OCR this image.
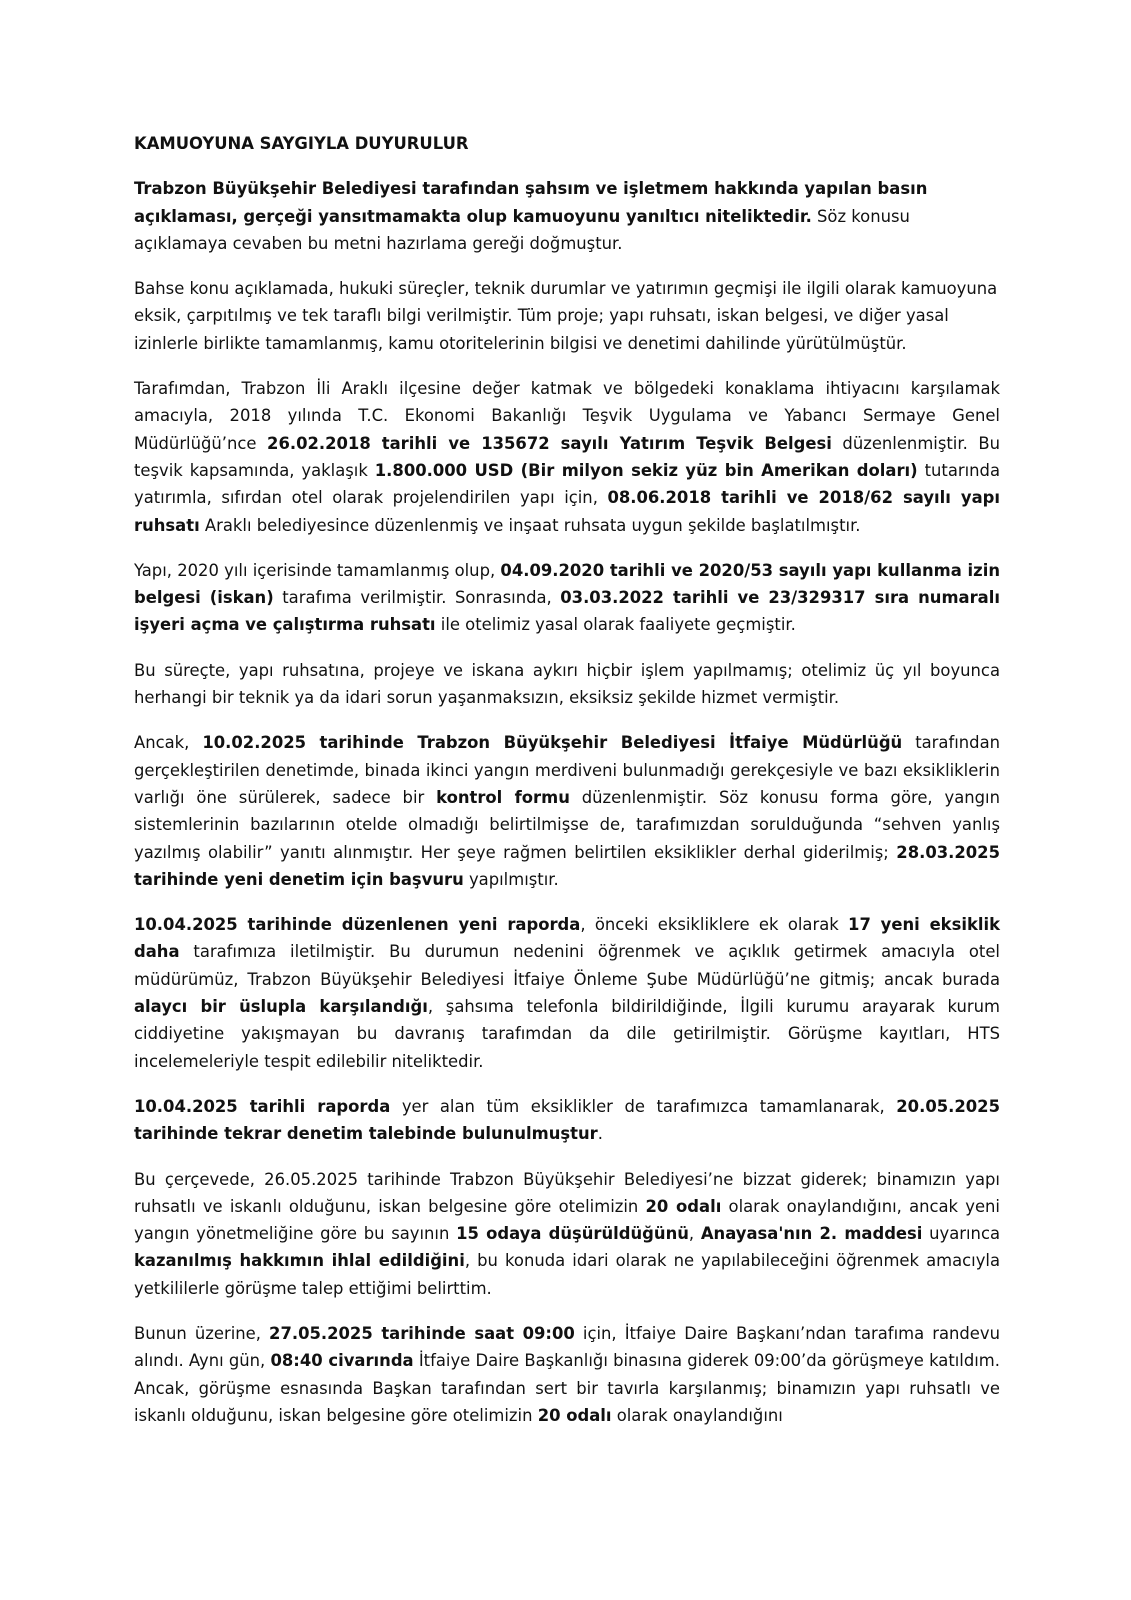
KAMUOYUNA SAYGIYLA DUYURULUR

Trabzon Büyükşehir Belediyesi tarafından şahsım ve işletmem hakkında yapılan basın açıklaması, gerçeği yansıtmamakta olup kamuoyunu yanıltıcı niteliktedir. Söz konusu açıklamaya cevaben bu metni hazırlama gereği doğmuştur.

Bahse konu açıklamada, hukuki süreçler, teknik durumlar ve yatırımın geçmişi ile ilgili olarak kamuoyuna eksik, çarpıtılmış ve tek taraflı bilgi verilmiştir. Tüm proje; yapı ruhsatı, iskan belgesi, ve diğer yasal izinlerle birlikte tamamlanmış, kamu otoritelerinin bilgisi ve denetimi dahilinde yürütülmüştür.

Tarafımdan, Trabzon İli Araklı ilçesine değer katmak ve bölgedeki konaklama ihtiyacını karşılamak amacıyla, 2018 yılında T.C. Ekonomi Bakanlığı Teşvik Uygulama ve Yabancı Sermaye Genel Müdürlüğü’nce 26.02.2018 tarihli ve 135672 sayılı Yatırım Teşvik Belgesi düzenlenmiştir. Bu teşvik kapsamında, yaklaşık 1.800.000 USD (Bir milyon sekiz yüz bin Amerikan doları) tutarında yatırımla, sıfırdan otel olarak projelendirilen yapı için, 08.06.2018 tarihli ve 2018/62 sayılı yapı ruhsatı Araklı belediyesince düzenlenmiş ve inşaat ruhsata uygun şekilde başlatılmıştır.

Yapı, 2020 yılı içerisinde tamamlanmış olup, 04.09.2020 tarihli ve 2020/53 sayılı yapı kullanma izin belgesi (iskan) tarafıma verilmiştir. Sonrasında, 03.03.2022 tarihli ve 23/329317 sıra numaralı işyeri açma ve çalıştırma ruhsatı ile otelimiz yasal olarak faaliyete geçmiştir.

Bu süreçte, yapı ruhsatına, projeye ve iskana aykırı hiçbir işlem yapılmamış; otelimiz üç yıl boyunca herhangi bir teknik ya da idari sorun yaşanmaksızın, eksiksiz şekilde hizmet vermiştir.

Ancak, 10.02.2025 tarihinde Trabzon Büyükşehir Belediyesi İtfaiye Müdürlüğü tarafından gerçekleştirilen denetimde, binada ikinci yangın merdiveni bulunmadığı gerekçesiyle ve bazı eksikliklerin varlığı öne sürülerek, sadece bir kontrol formu düzenlenmiştir. Söz konusu forma göre, yangın sistemlerinin bazılarının otelde olmadığı belirtilmişse de, tarafımızdan sorulduğunda “sehven yanlış yazılmış olabilir” yanıtı alınmıştır. Her şeye rağmen belirtilen eksiklikler derhal giderilmiş; 28.03.2025 tarihinde yeni denetim için başvuru yapılmıştır.

10.04.2025 tarihinde düzenlenen yeni raporda, önceki eksikliklere ek olarak 17 yeni eksiklik daha tarafımıza iletilmiştir. Bu durumun nedenini öğrenmek ve açıklık getirmek amacıyla otel müdürümüz, Trabzon Büyükşehir Belediyesi İtfaiye Önleme Şube Müdürlüğü’ne gitmiş; ancak burada alaycı bir üslupla karşılandığı, şahsıma telefonla bildirildiğinde, İlgili kurumu arayarak kurum ciddiyetine yakışmayan bu davranış tarafımdan da dile getirilmiştir. Görüşme kayıtları, HTS incelemeleriyle tespit edilebilir niteliktedir.

10.04.2025 tarihli raporda yer alan tüm eksiklikler de tarafımızca tamamlanarak, 20.05.2025 tarihinde tekrar denetim talebinde bulunulmuştur.

Bu çerçevede, 26.05.2025 tarihinde Trabzon Büyükşehir Belediyesi’ne bizzat giderek; binamızın yapı ruhsatlı ve iskanlı olduğunu, iskan belgesine göre otelimizin 20 odalı olarak onaylandığını, ancak yeni yangın yönetmeliğine göre bu sayının 15 odaya düşürüldüğünü, Anayasa'nın 2. maddesi uyarınca kazanılmış hakkımın ihlal edildiğini, bu konuda idari olarak ne yapılabileceğini öğrenmek amacıyla yetkililerle görüşme talep ettiğimi belirttim.

Bunun üzerine, 27.05.2025 tarihinde saat 09:00 için, İtfaiye Daire Başkanı’ndan tarafıma randevu alındı. Aynı gün, 08:40 civarında İtfaiye Daire Başkanlığı binasına giderek 09:00’da görüşmeye katıldım. Ancak, görüşme esnasında Başkan tarafından sert bir tavırla karşılanmış; binamızın yapı ruhsatlı ve iskanlı olduğunu, iskan belgesine göre otelimizin 20 odalı olarak onaylandığını
